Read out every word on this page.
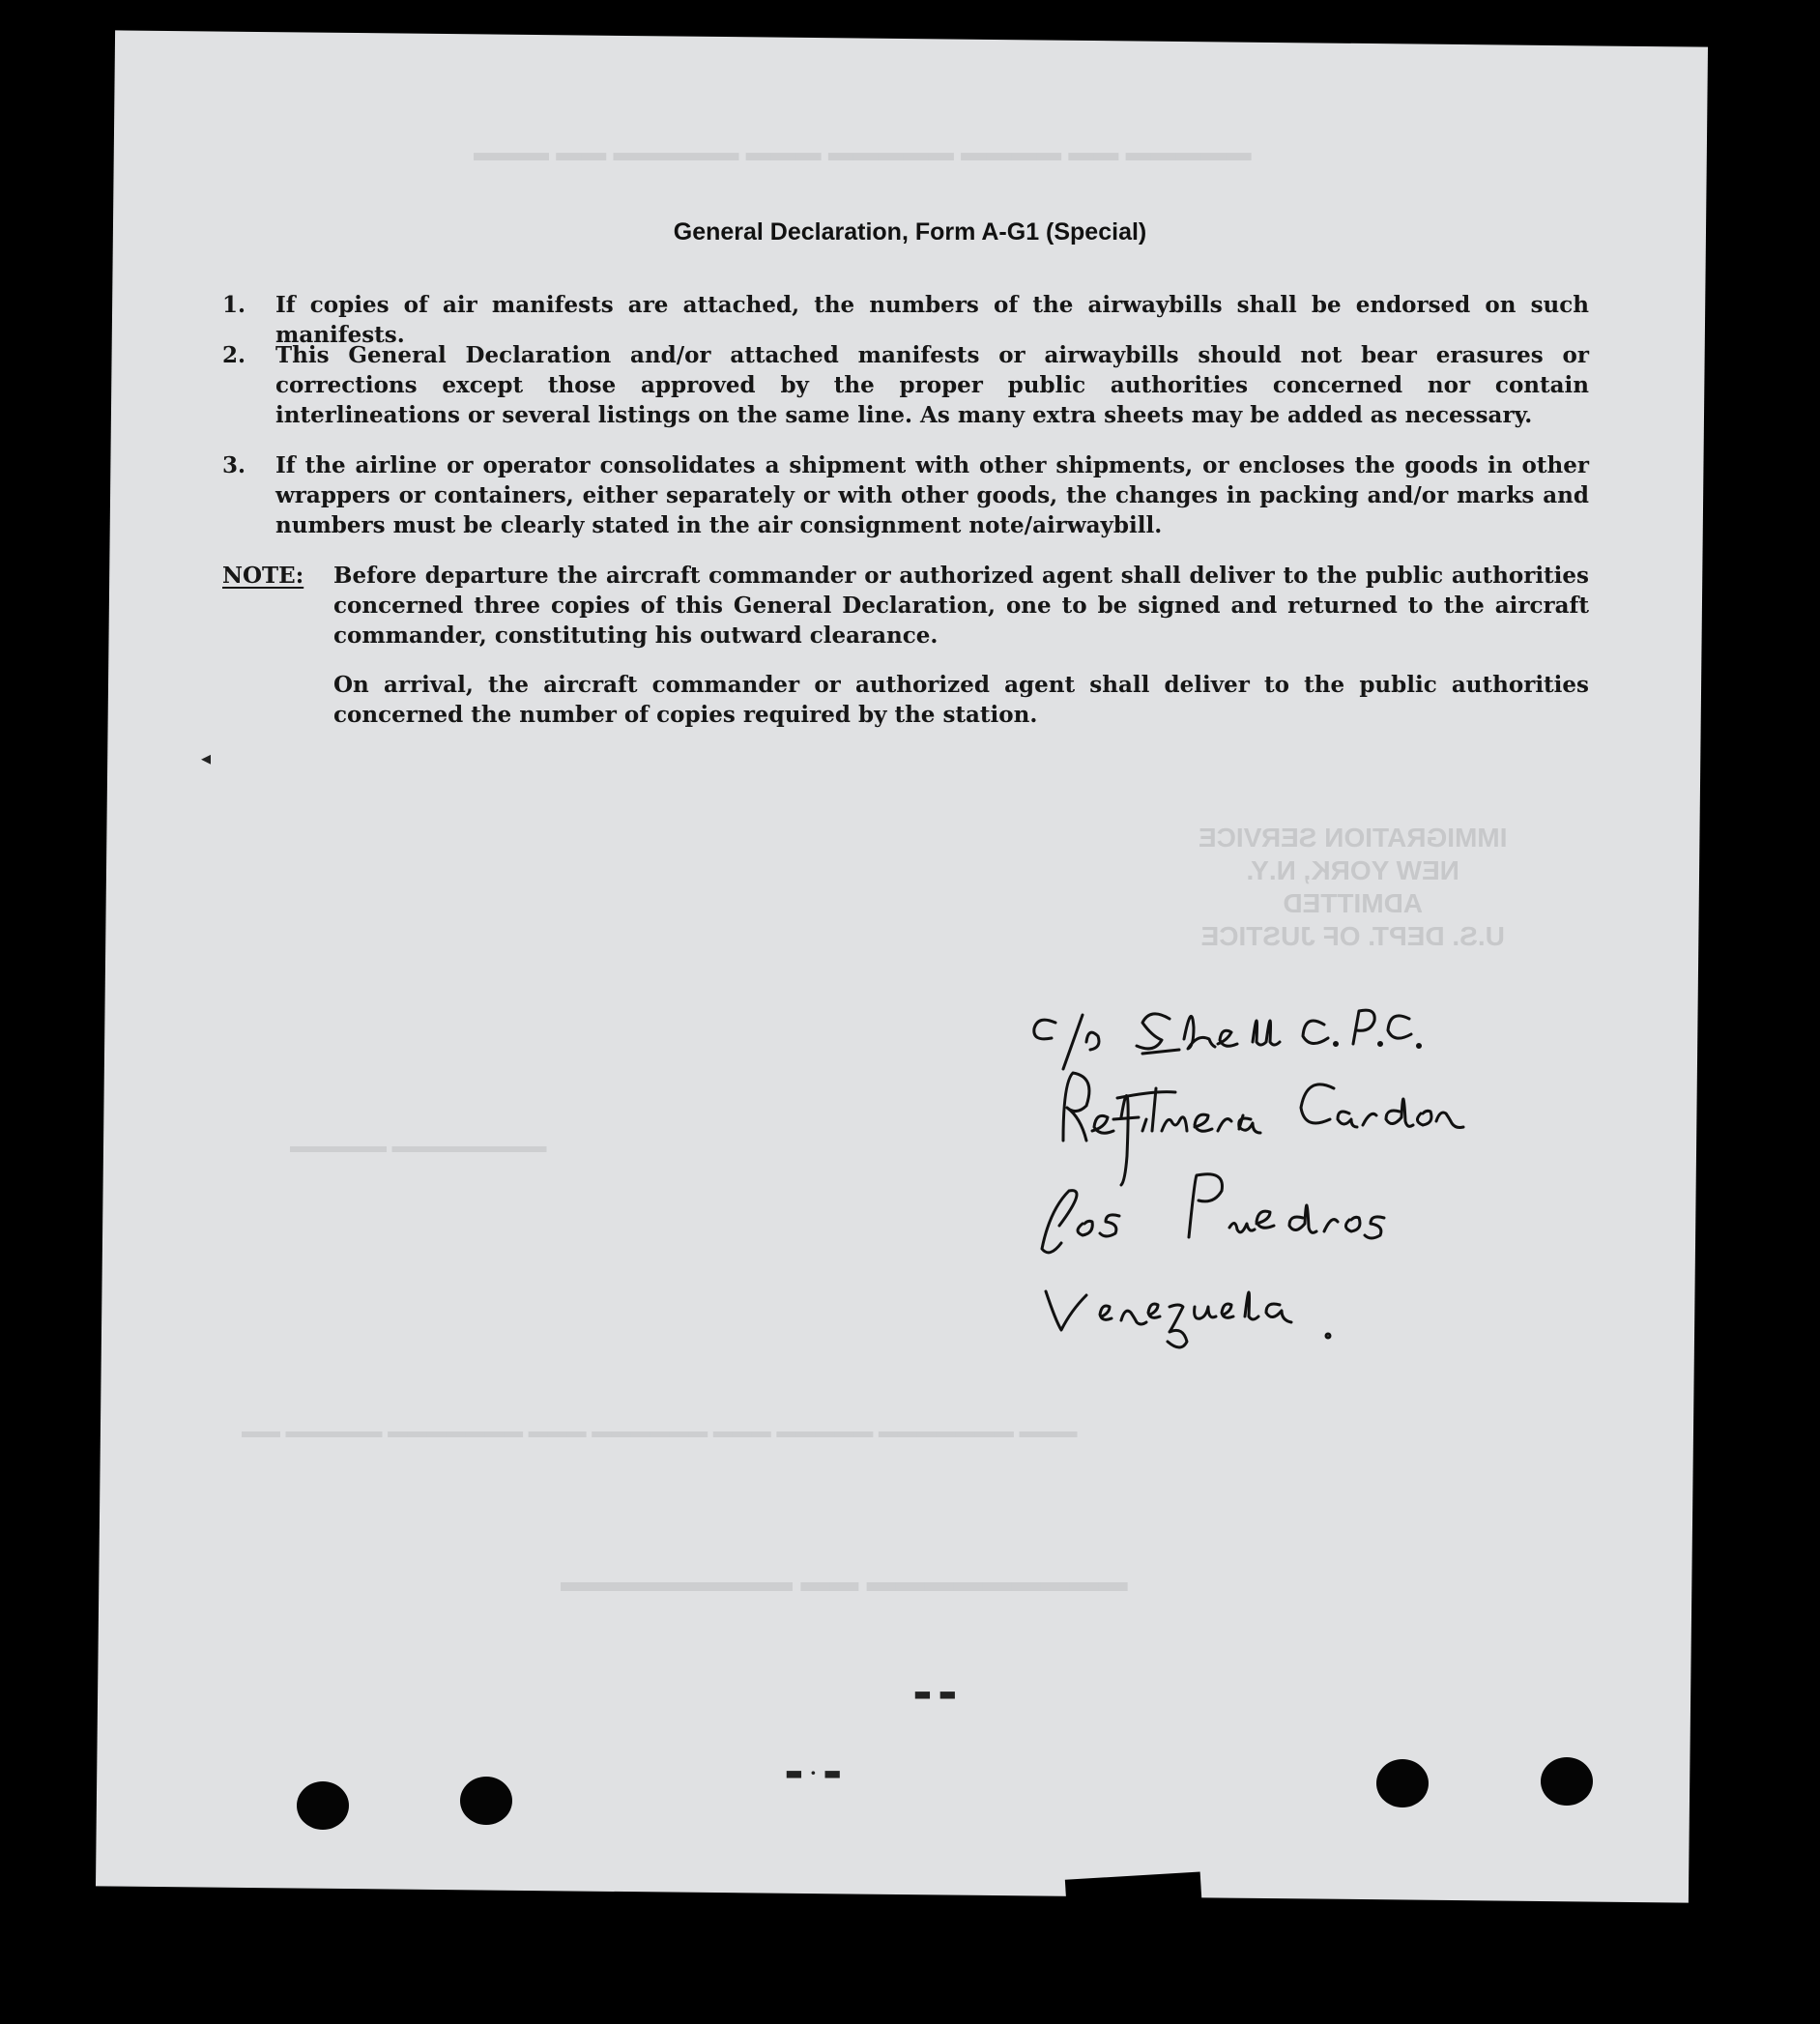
▬▬▬ ▬▬ ▬▬▬▬▬ ▬▬▬ ▬▬▬▬▬ ▬▬▬▬ ▬▬ ▬▬▬▬▬
▬▬▬▬▬ ▬▬▬▬▬▬▬▬
▬▬ ▬▬▬▬▬ ▬▬▬▬▬▬▬ ▬▬▬ ▬▬▬▬▬▬ ▬▬▬ ▬▬▬▬▬ ▬▬▬▬▬▬▬ ▬▬▬
▬▬▬▬▬▬▬▬ ▬▬ ▬▬▬▬▬▬▬▬▬
IMMIGRATION SERVICE
NEW YORK, N.Y.
ADMITTED
U.S. DEPT. OF JUSTICE
General Declaration, Form A-G1 (Special)
1. If copies of air manifests are attached, the numbers of the airwaybills shall be endorsed on such manifests.
2. This General Declaration and/or attached manifests or airwaybills should not bear erasures or corrections except those approved by the proper public authorities concerned nor contain interlineations or several listings on the same line. As many extra sheets may be added as necessary.
3. If the airline or operator consolidates a shipment with other shipments, or encloses the goods in other wrappers or containers, either separately or with other goods, the changes in packing and/or marks and numbers must be clearly stated in the air consignment note/airwaybill.
NOTE: Before departure the aircraft commander or authorized agent shall deliver to the public authorities concerned three copies of this General Declaration, one to be signed and returned to the aircraft commander, constituting his outward clearance.
On arrival, the aircraft commander or authorized agent shall deliver to the public authorities concerned the number of copies required by the station.
◂
▬ ▬
▬ · ▬
